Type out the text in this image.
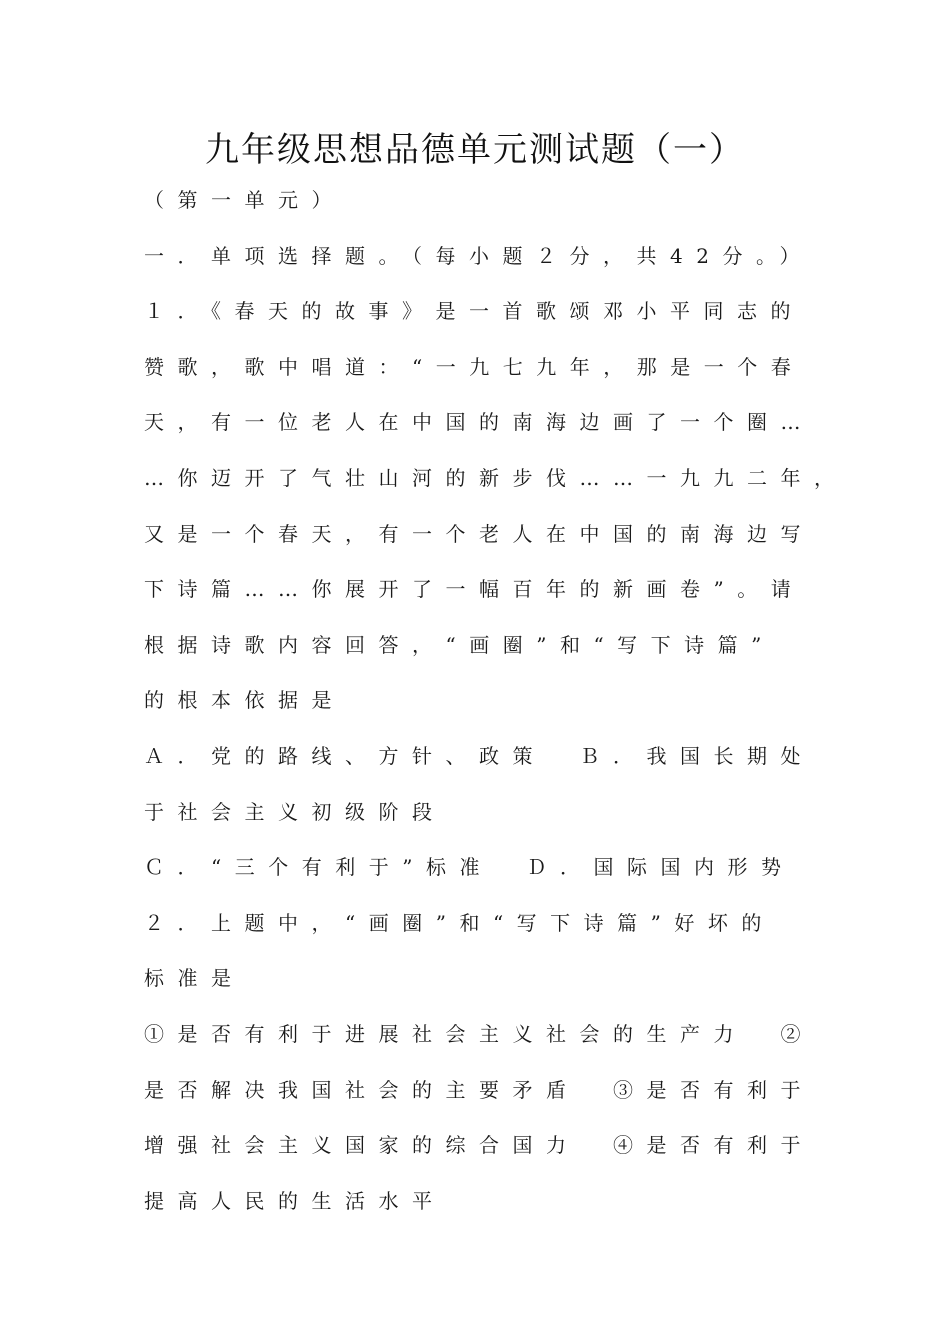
九年级思想品德单元测试题（一）

（第一单元）

一．单项选择题。（每小题２分，共42分。）

１．《春天的故事》是一首歌颂邓小平同志的

赞歌，歌中唱道：“一九七九年，那是一个春

天，有一位老人在中国的南海边画了一个圈…

…你迈开了气壮山河的新步伐……一九九二年，

又是一个春天，有一个老人在中国的南海边写

下诗篇……你展开了一幅百年的新画卷”。请

根据诗歌内容回答，“画圈”和“写下诗篇”

的根本依据是

Ａ．党的路线、方针、政策　Ｂ．我国长期处

于社会主义初级阶段

Ｃ．“三个有利于”标准　Ｄ．国际国内形势

２．上题中，“画圈”和“写下诗篇”好坏的

标准是

①是否有利于进展社会主义社会的生产力　②

是否解决我国社会的主要矛盾　③是否有利于

增强社会主义国家的综合国力　④是否有利于

提高人民的生活水平
